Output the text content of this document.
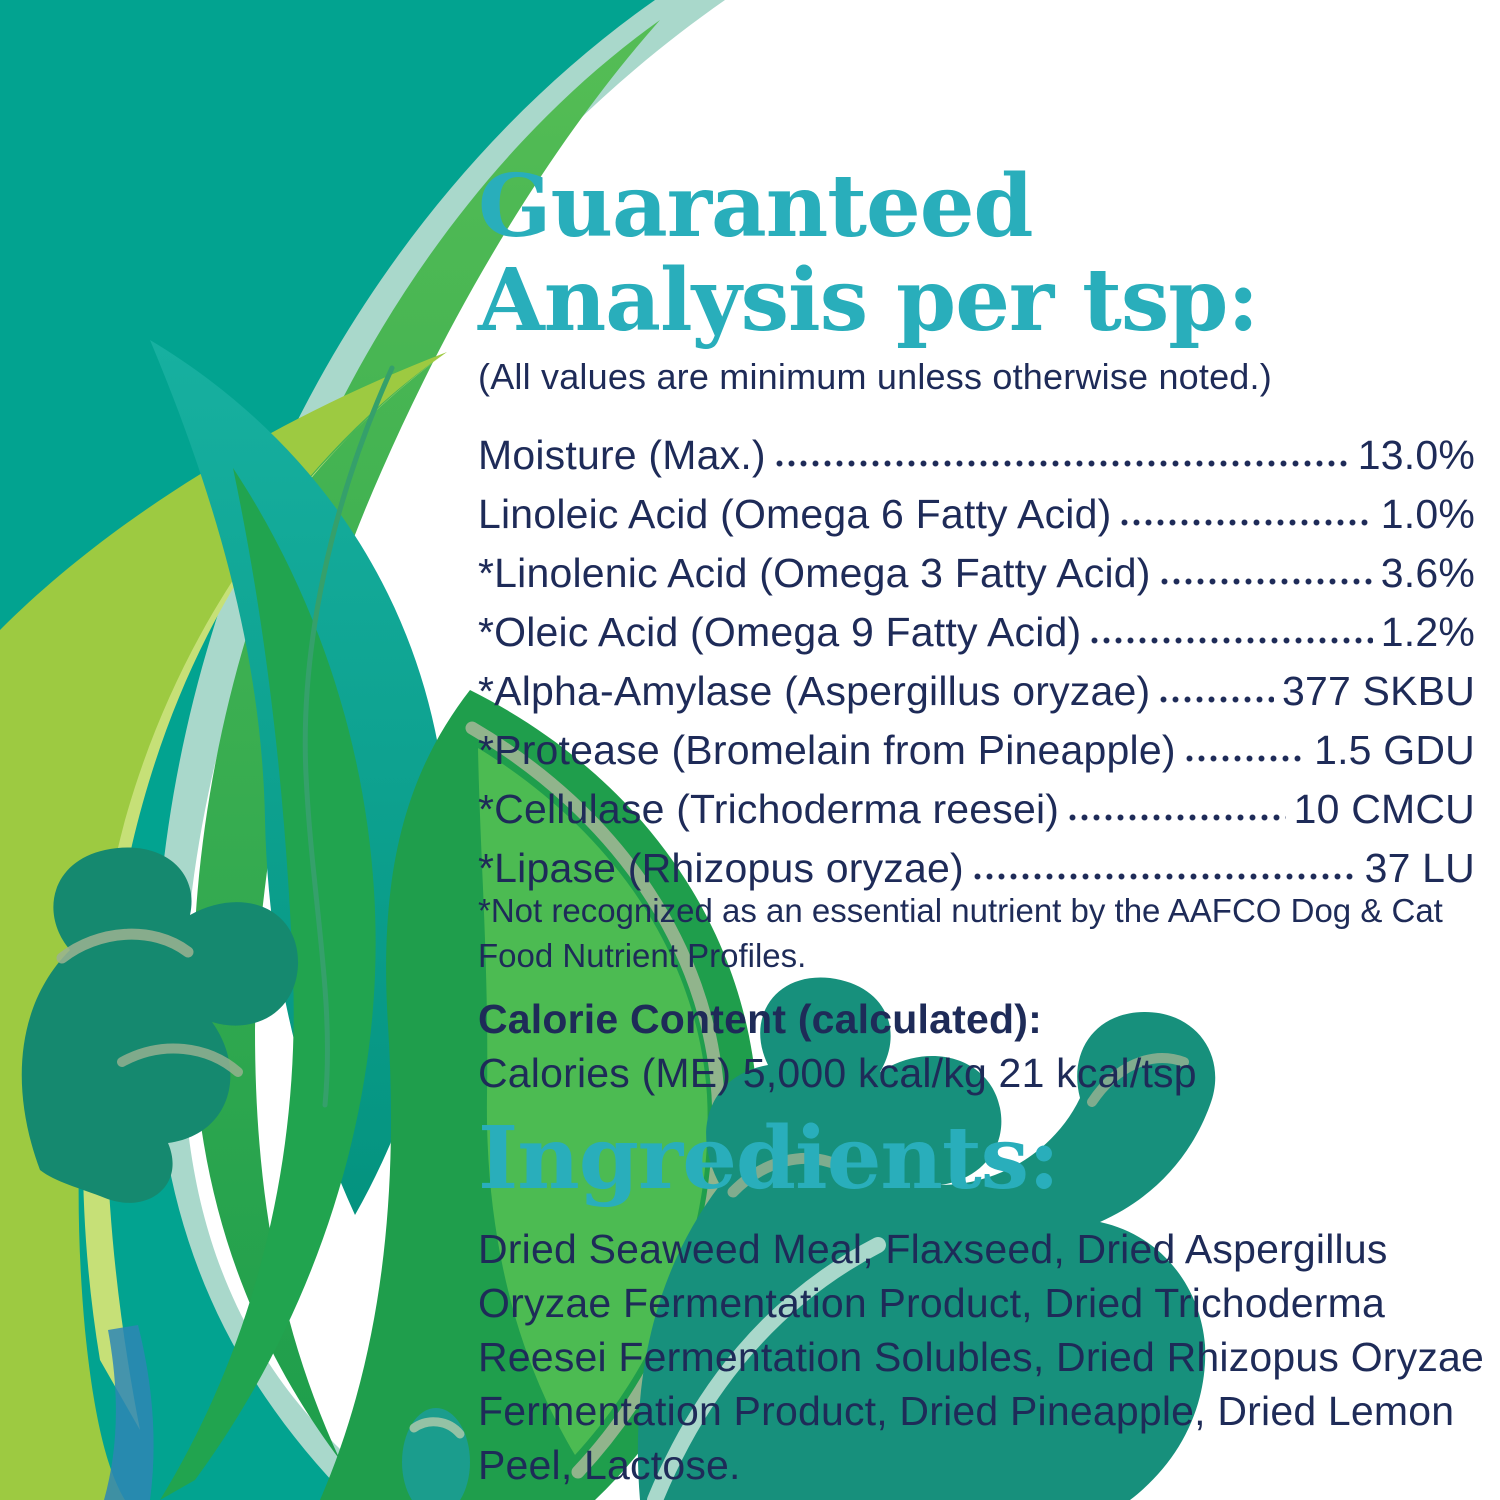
Guaranteed
Analysis per tsp:
(All values are minimum unless otherwise noted.)
Moisture (Max.)	13.0%
Linoleic Acid (Omega 6 Fatty Acid)	1.0%
*Linolenic Acid (Omega 3 Fatty Acid)	3.6%
*Oleic Acid (Omega 9 Fatty Acid)	1.2%
*Alpha-Amylase (Aspergillus oryzae)	377 SKBU
*Protease (Bromelain from Pineapple)	1.5 GDU
*Cellulase (Trichoderma reesei)	10 CMCU
*Lipase (Rhizopus oryzae)	37 LU
*Not recognized as an essential nutrient by the AAFCO Dog & Cat
Food Nutrient Profiles.
Calorie Content (calculated):
Calories (ME) 5,000 kcal/kg 21 kcal/tsp
Ingredients:
Dried Seaweed Meal, Flaxseed, Dried Aspergillus Oryzae Fermentation Product, Dried Trichoderma Reesei Fermentation Solubles, Dried Rhizopus Oryzae Fermentation Product, Dried Pineapple, Dried Lemon Peel, Lactose.
